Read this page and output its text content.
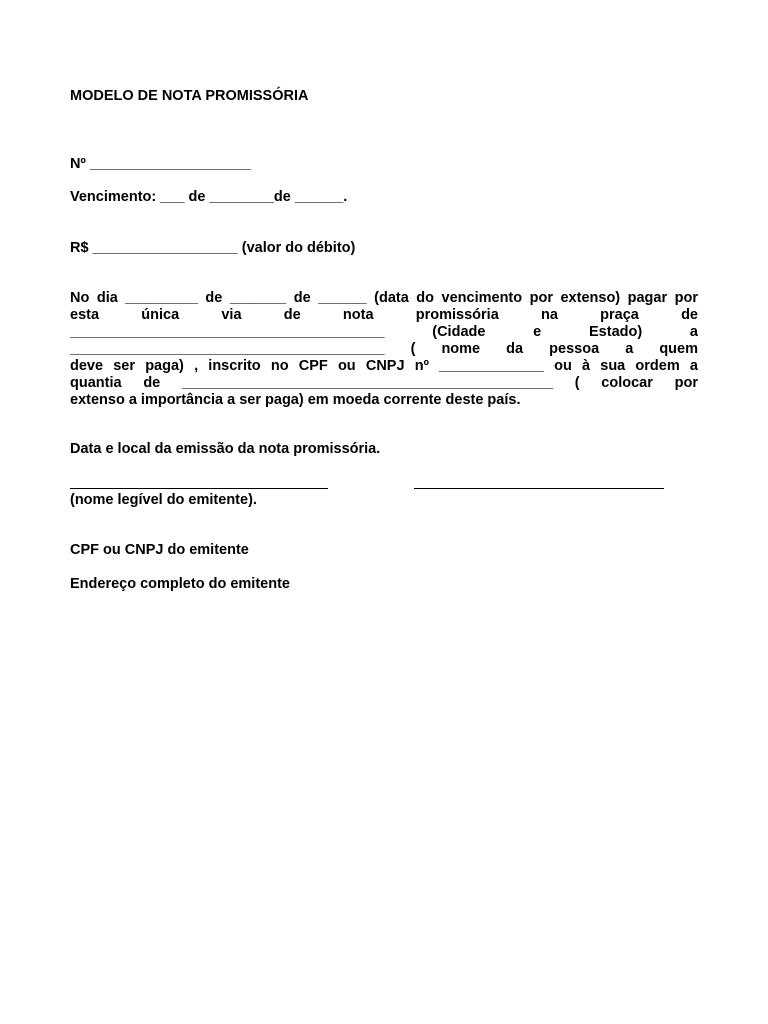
MODELO DE NOTA PROMISSÓRIA
Nº ____________________
Vencimento: ___ de ________de ______.
R$ __________________ (valor do débito)
No dia _________ de _______ de ______ (data do vencimento por extenso) pagar por
esta única via de nota promissória na praça de
_______________________________________ (Cidade e Estado) a
_______________________________________ ( nome da pessoa a quem
deve ser paga) , inscrito no CPF ou CNPJ nº _____________ ou à sua ordem a
quantia de ______________________________________________ ( colocar por
extenso a importância a ser paga) em moeda corrente deste país.
Data e local da emissão da nota promissória.
(nome legível do emitente).
CPF ou CNPJ do emitente
Endereço completo do emitente
